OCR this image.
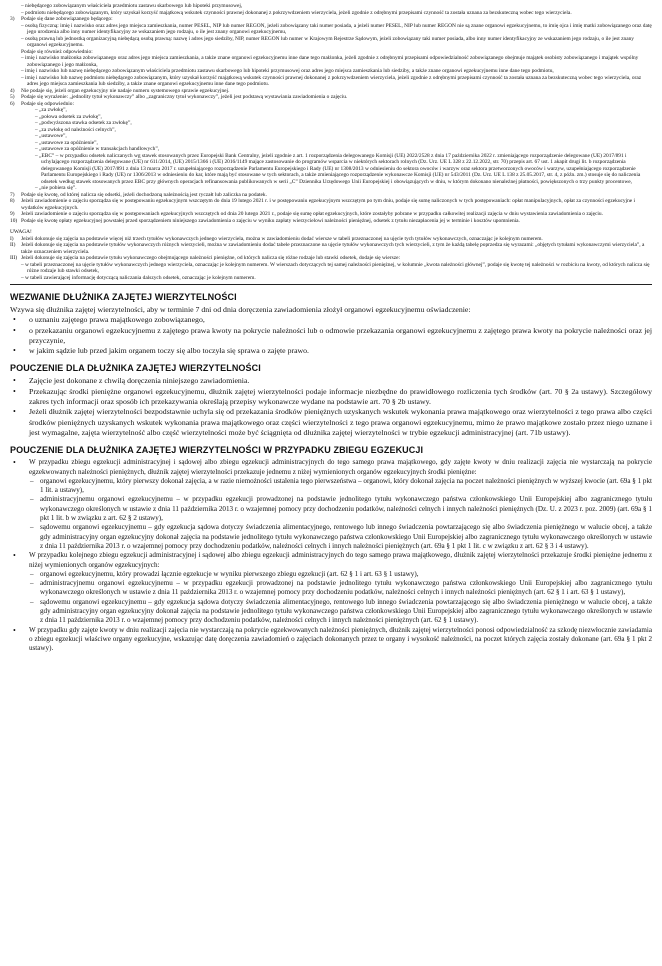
– niebędącego zobowiązanym właściciela przedmiotu zastawu skarbowego lub hipoteki przymusowej,
– podmiotu niebędącego zobowiązanym, który uzyskał korzyść majątkową wskutek czynności prawnej dokonanej z pokrzywdzeniem wierzyciela, jeżeli zgodnie z odrębnymi przepisami czynność ta została uznana za bezskuteczną wobec tego wierzyciela.
3)	Podaje się dane zobowiązanego będącego:
– osobą fizyczną: imię i nazwisko oraz adres jego miejsca zamieszkania, numer PESEL, NIP lub numer REGON, jeżeli zobowiązany taki numer posiada, a jeżeli numer PESEL, NIP lub numer REGON nie są znane organowi egzekucyjnemu, to imię ojca i imię matki zobowiązanego oraz datę jego urodzenia albo inny numer identyfikacyjny ze wskazaniem jego rodzaju, o ile jest znany organowi egzekucyjnemu,
– osobą prawną lub jednostką organizacyjną niebędącą osobą prawną: nazwę i adres jego siedziby, NIP, numer REGON lub numer w Krajowym Rejestrze Sądowym, jeżeli zobowiązany taki numer posiada, albo inny numer identyfikacyjny ze wskazaniem jego rodzaju, o ile jest znany organowi egzekucyjnemu.
Podaje się również odpowiednio:
– imię i nazwisko małżonka zobowiązanego oraz adres jego miejsca zamieszkania, a także znane organowi egzekucyjnemu inne dane tego małżonka, jeżeli zgodnie z odrębnymi przepisami odpowiedzialność zobowiązanego obejmuje majątek osobisty zobowiązanego i majątek wspólny zobowiązanego i jego małżonka,
– imię i nazwisko lub nazwę niebędącego zobowiązanym właściciela przedmiotu zastawu skarbowego lub hipoteki przymusowej oraz adres jego miejsca zamieszkania lub siedziby, a także znane organowi egzekucyjnemu inne dane tego podmiotu,
– imię i nazwisko lub nazwę podmiotu niebędącego zobowiązanym, który uzyskał korzyść majątkową wskutek czynności prawnej dokonanej z pokrzywdzeniem wierzyciela, jeżeli zgodnie z odrębnymi przepisami czynność ta została uznana za bezskuteczną wobec tego wierzyciela, oraz adres jego miejsca zamieszkania lub siedziby, a także znane organowi egzekucyjnemu inne dane tego podmiotu.
4)	Nie podaje się, jeżeli organ egzekucyjny nie nadaje numeru systemowego sprawie egzekucyjnej.
5)	Podaje się wyrażenie: „jednolity tytuł wykonawczy” albo „zagraniczny tytuł wykonawczy”, jeżeli jest podstawą wystawiania zawiadomienia o zajęciu.
6)	Podaje się odpowiednio:
– „za zwłokę”,
– „połowa odsetek za zwłokę”,
– „podwyższona stawka odsetek za zwłokę”,
– „za zwłokę od należności celnych”,
– „ustawowe”,
– „ustawowe za opóźnienie”,
– „ustawowe za opóźnienie w transakcjach handlowych”,
– „EBC” – w przypadku odsetek naliczanych wg stawek stosowanych przez Europejski Bank Centralny, jeżeli zgodnie z art. 1 rozporządzenia delegowanego Komisji (UE) 2022/2528 z dnia 17 października 2022 r. zmieniającego rozporządzenie delegowane (UE) 2017/891 i uchylającego rozporządzenia delegowane (UE) nr 611/2014, (UE) 2015/1366 i (UE) 2016/1149 mające zastosowanie do programów wsparcia w niektórych sektorach rolnych (Dz. Urz. UE L 328 z 22.12.2022, str. 70) przepis art. 67 ust. 1 akapit drugi lit. b rozporządzenia delegowanego Komisji (UE) 2017/891 z dnia 13 marca 2017 r. uzupełniającego rozporządzenie Parlamentu Europejskiego i Rady (UE) nr 1308/2013 w odniesieniu do sektora owoców i warzyw oraz sektora przetworzonych owoców i warzyw, uzupełniającego rozporządzenie Parlamentu Europejskiego i Rady (UE) nr 1306/2013 w odniesieniu do kar, które mają być stosowane w tych sektorach, a także zmieniającego rozporządzenie wykonawcze Komisji (UE) nr 543/2011 (Dz. Urz. UE L 138 z 25.05.2017, str. 4, z późn. zm.) stosuje się do naliczenia odsetek według stawek stosowanych przez EBC przy głównych operacjach refinansowania publikowanych w serii „C” Dziennika Urzędowego Unii Europejskiej i obowiązujących w dniu, w którym dokonano nienależnej płatności, powiększonych o trzy punkty procentowe,
– „nie pobiera się”.
7)	Podaje się kwotę, od której nalicza się odsetki, jeżeli dochodzoną należnością jest ryczałt lub zaliczka na podatek.
8)	Jeżeli zawiadomienie o zajęciu sporządza się w postępowaniu egzekucyjnym wszczętym do dnia 19 lutego 2021 r. i w postępowaniu egzekucyjnym wszczętym po tym dniu, podaje się sumę naliczonych w tych postępowaniach: opłat manipulacyjnych, opłat za czynności egzekucyjne i wydatków egzekucyjnych.
9)	Jeżeli zawiadomienie o zajęciu sporządza się w postępowaniach egzekucyjnych wszczętych od dnia 20 lutego 2021 r., podaje się sumę opłat egzekucyjnych, które zostałyby pobrane w przypadku całkowitej realizacji zajęcia w dniu wystawienia zawiadomienia o zajęciu.
10) Podaje się kwotę opłaty egzekucyjnej powstałej przed sporządzeniem niniejszego zawiadomienia o zajęciu w wyniku zapłaty wierzycielowi należności pieniężnej, odsetek z tytułu niezapłacenia jej w terminie i kosztów upomnienia.
UWAGA!
I)	Jeżeli dokonuje się zajęcia na podstawie więcej niż trzech tytułów wykonawczych jednego wierzyciela, można w zawiadomieniu dodać wiersze w tabeli przeznaczonej na ujęcie tych tytułów wykonawczych, oznaczając je kolejnym numerem.
II)	Jeżeli dokonuje się zajęcia na podstawie tytułów wykonawczych różnych wierzycieli, można w zawiadomieniu dodać tabele przeznaczone na ujęcie tytułów wykonawczych tych wierzycieli, z tym że każdą tabelę poprzedza się wyrazami: „objętych tytułami wykonawczymi wierzyciela”, a także oznaczeniem wierzyciela.
III) Jeżeli dokonuje się zajęcia na podstawie tytułu wykonawczego obejmującego należności pieniężne, od których nalicza się różne rodzaje lub stawki odsetek, dodaje się wiersze:
– w tabeli przeznaczonej na ujęcie tytułów wykonawczych jednego wierzyciela, oznaczając je kolejnym numerem. W wierszach dotyczących tej samej należności pieniężnej, w kolumnie „kwota należności głównej”, podaje się kwotę tej należności w rozbiciu na kwoty, od których nalicza się różne rodzaje lub stawki odsetek,
– w tabeli zawierającej informację dotyczącą naliczania dalszych odsetek, oznaczając je kolejnym numerem.
WEZWANIE DŁUŻNIKA ZAJĘTEJ WIERZYTELNOŚCI
Wzywa się dłużnika zajętej wierzytelności, aby w terminie 7 dni od dnia doręczenia zawiadomienia złożył organowi egzekucyjnemu oświadczenie:
• o uznaniu zajętego prawa majątkowego zobowiązanego,
• o przekazaniu organowi egzekucyjnemu z zajętego prawa kwoty na pokrycie należności lub o odmowie przekazania organowi egzekucyjnemu z zajętego prawa kwoty na pokrycie należności oraz jej przyczynie,
• w jakim sądzie lub przed jakim organem toczy się albo toczyła się sprawa o zajęte prawo.
POUCZENIE DLA DŁUŻNIKA ZAJĘTEJ WIERZYTELNOŚCI
• Zajęcie jest dokonane z chwilą doręczenia niniejszego zawiadomienia.
• Przekazując środki pieniężne organowi egzekucyjnemu, dłużnik zajętej wierzytelności podaje informacje niezbędne do prawidłowego rozliczenia tych środków (art. 70 § 2a ustawy). Szczegółowy zakres tych informacji oraz sposób ich przekazywania określają przepisy wykonawcze wydane na podstawie art. 70 § 2b ustawy.
• Jeżeli dłużnik zajętej wierzytelności bezpodstawnie uchyla się od przekazania środków pieniężnych uzyskanych wskutek wykonania prawa majątkowego oraz wierzytelności z tego prawa albo części środków pieniężnych uzyskanych wskutek wykonania prawa majątkowego oraz części wierzytelności z tego prawa organowi egzekucyjnemu, mimo że prawo majątkowe zostało przez niego uznane i jest wymagalne, zajęta wierzytelność albo część wierzytelności może być ściągnięta od dłużnika zajętej wierzytelności w trybie egzekucji administracyjnej (art. 71b ustawy).
POUCZENIE DLA DŁUŻNIKA ZAJĘTEJ WIERZYTELNOŚCI W PRZYPADKU ZBIEGU EGZEKUCJI
• W przypadku zbiegu egzekucji administracyjnej i sądowej albo zbiegu egzekucji administracyjnych do tego samego prawa majątkowego, gdy zajęte kwoty w dniu realizacji zajęcia nie wystarczają na pokrycie egzekwowanych należności pieniężnych, dłużnik zajętej wierzytelności przekazuje jednemu z niżej wymienionych organów egzekucyjnych środki pieniężne:
– organowi egzekucyjnemu, który pierwszy dokonał zajęcia, a w razie niemożności ustalenia tego pierwszeństwa – organowi, który dokonał zajęcia na poczet należności pieniężnych w wyższej kwocie (art. 69a § 1 pkt 1 lit. a ustawy),
– administracyjnemu organowi egzekucyjnemu – w przypadku egzekucji prowadzonej na podstawie jednolitego tytułu wykonawczego państwa członkowskiego Unii Europejskiej albo zagranicznego tytułu wykonawczego określonych w ustawie z dnia 11 października 2013 r. o wzajemnej pomocy przy dochodzeniu podatków, należności celnych i innych należności pieniężnych (Dz. U. z 2023 r. poz. 2009) (art. 69a § 1 pkt 1 lit. b w związku z art. 62 § 2 ustawy),
– sądowemu organowi egzekucyjnemu – gdy egzekucja sądowa dotyczy świadczenia alimentacyjnego, rentowego lub innego świadczenia powtarzającego się albo świadczenia pieniężnego w walucie obcej, a także gdy administracyjny organ egzekucyjny dokonał zajęcia na podstawie jednolitego tytułu wykonawczego państwa członkowskiego Unii Europejskiej albo zagranicznego tytułu wykonawczego określonych w ustawie z dnia 11 października 2013 r. o wzajemnej pomocy przy dochodzeniu podatków, należności celnych i innych należności pieniężnych (art. 69a § 1 pkt 1 lit. c w związku z art. 62 § 3 i 4 ustawy).
• W przypadku kolejnego zbiegu egzekucji administracyjnej i sądowej albo zbiegu egzekucji administracyjnych do tego samego prawa majątkowego, dłużnik zajętej wierzytelności przekazuje środki pieniężne jednemu z niżej wymienionych organów egzekucyjnych:
– organowi egzekucyjnemu, który prowadzi łącznie egzekucje w wyniku pierwszego zbiegu egzekucji (art. 62 § 1 i art. 63 § 1 ustawy),
– administracyjnemu organowi egzekucyjnemu – w przypadku egzekucji prowadzonej na podstawie jednolitego tytułu wykonawczego państwa członkowskiego Unii Europejskiej albo zagranicznego tytułu wykonawczego określonych w ustawie z dnia 11 października 2013 r. o wzajemnej pomocy przy dochodzeniu podatków, należności celnych i innych należności pieniężnych (art. 62 § 1 i art. 63 § 1 ustawy),
– sądowemu organowi egzekucyjnemu – gdy egzekucja sądowa dotyczy świadczenia alimentacyjnego, rentowego lub innego świadczenia powtarzającego się albo świadczenia pieniężnego w walucie obcej, a także gdy administracyjny organ egzekucyjny dokonał zajęcia na podstawie jednolitego tytułu wykonawczego państwa członkowskiego Unii Europejskiej albo zagranicznego tytułu wykonawczego określonych w ustawie z dnia 11 października 2013 r. o wzajemnej pomocy przy dochodzeniu podatków, należności celnych i innych należności pieniężnych (art. 62 § 1 ustawy).
• W przypadku gdy zajęte kwoty w dniu realizacji zajęcia nie wystarczają na pokrycie egzekwowanych należności pieniężnych, dłużnik zajętej wierzytelności ponosi odpowiedzialność za szkodę niezwłocznie zawiadamia o zbiegu egzekucji właściwe organy egzekucyjne, wskazując datę doręczenia zawiadomień o zajęciach dokonanych przez te organy i wysokość należności, na poczet których zajęcia zostały dokonane (art. 69a § 1 pkt 2 ustawy).
